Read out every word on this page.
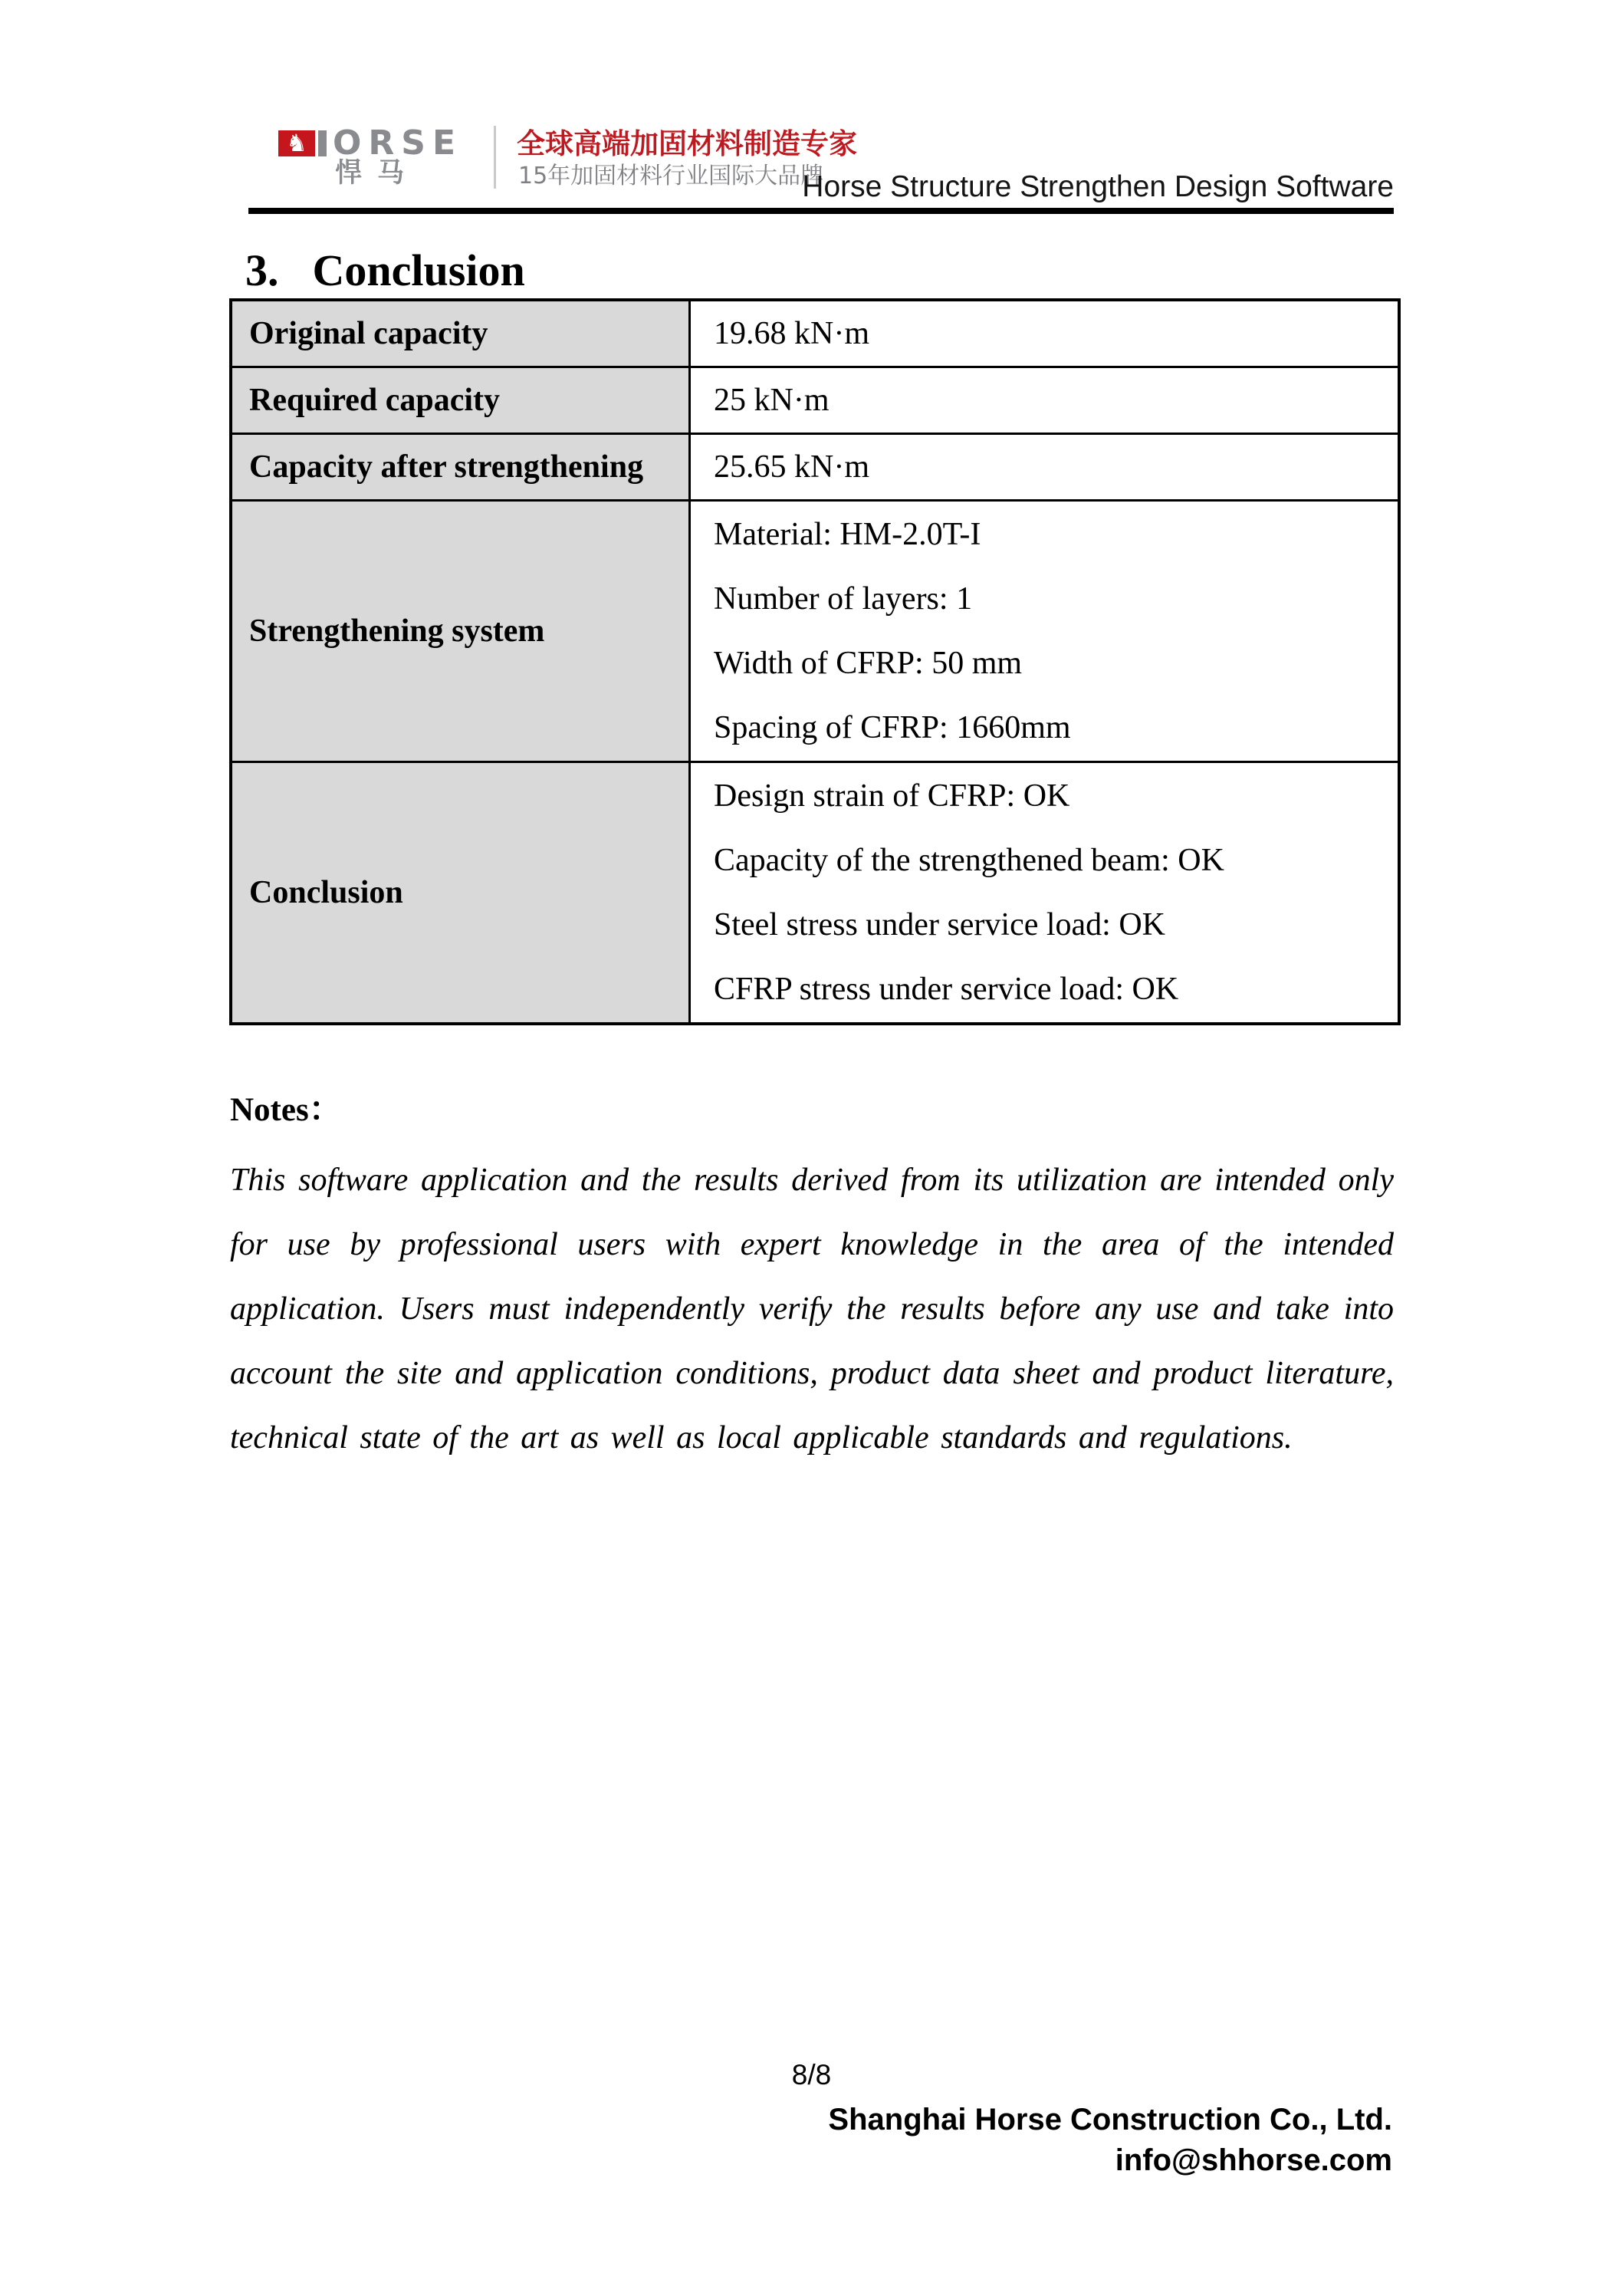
♞ ORSE
悍马
全球高端加固材料制造专家
15年加固材料行业国际大品牌
Horse Structure Strengthen Design Software
3. Conclusion
Original capacity	19.68 kN·m
Required capacity	25 kN·m
Capacity after strengthening	25.65 kN·m
Strengthening system	Material: HM-2.0T-I

Number of layers: 1

Width of CFRP: 50 mm

Spacing of CFRP: 1660mm

Conclusion	Design strain of CFRP: OK

Capacity of the strengthened beam: OK

Steel stress under service load: OK

CFRP stress under service load: OK

Notes：
This software application and the results derived from its utilization are intended only for use by professional users with expert knowledge in the area of the intended application. Users must independently verify the results before any use and take into account the site and application conditions, product data sheet and product literature, technical state of the art as well as local applicable standards and regulations.
8/8
Shanghai Horse Construction Co., Ltd.
info@shhorse.com
